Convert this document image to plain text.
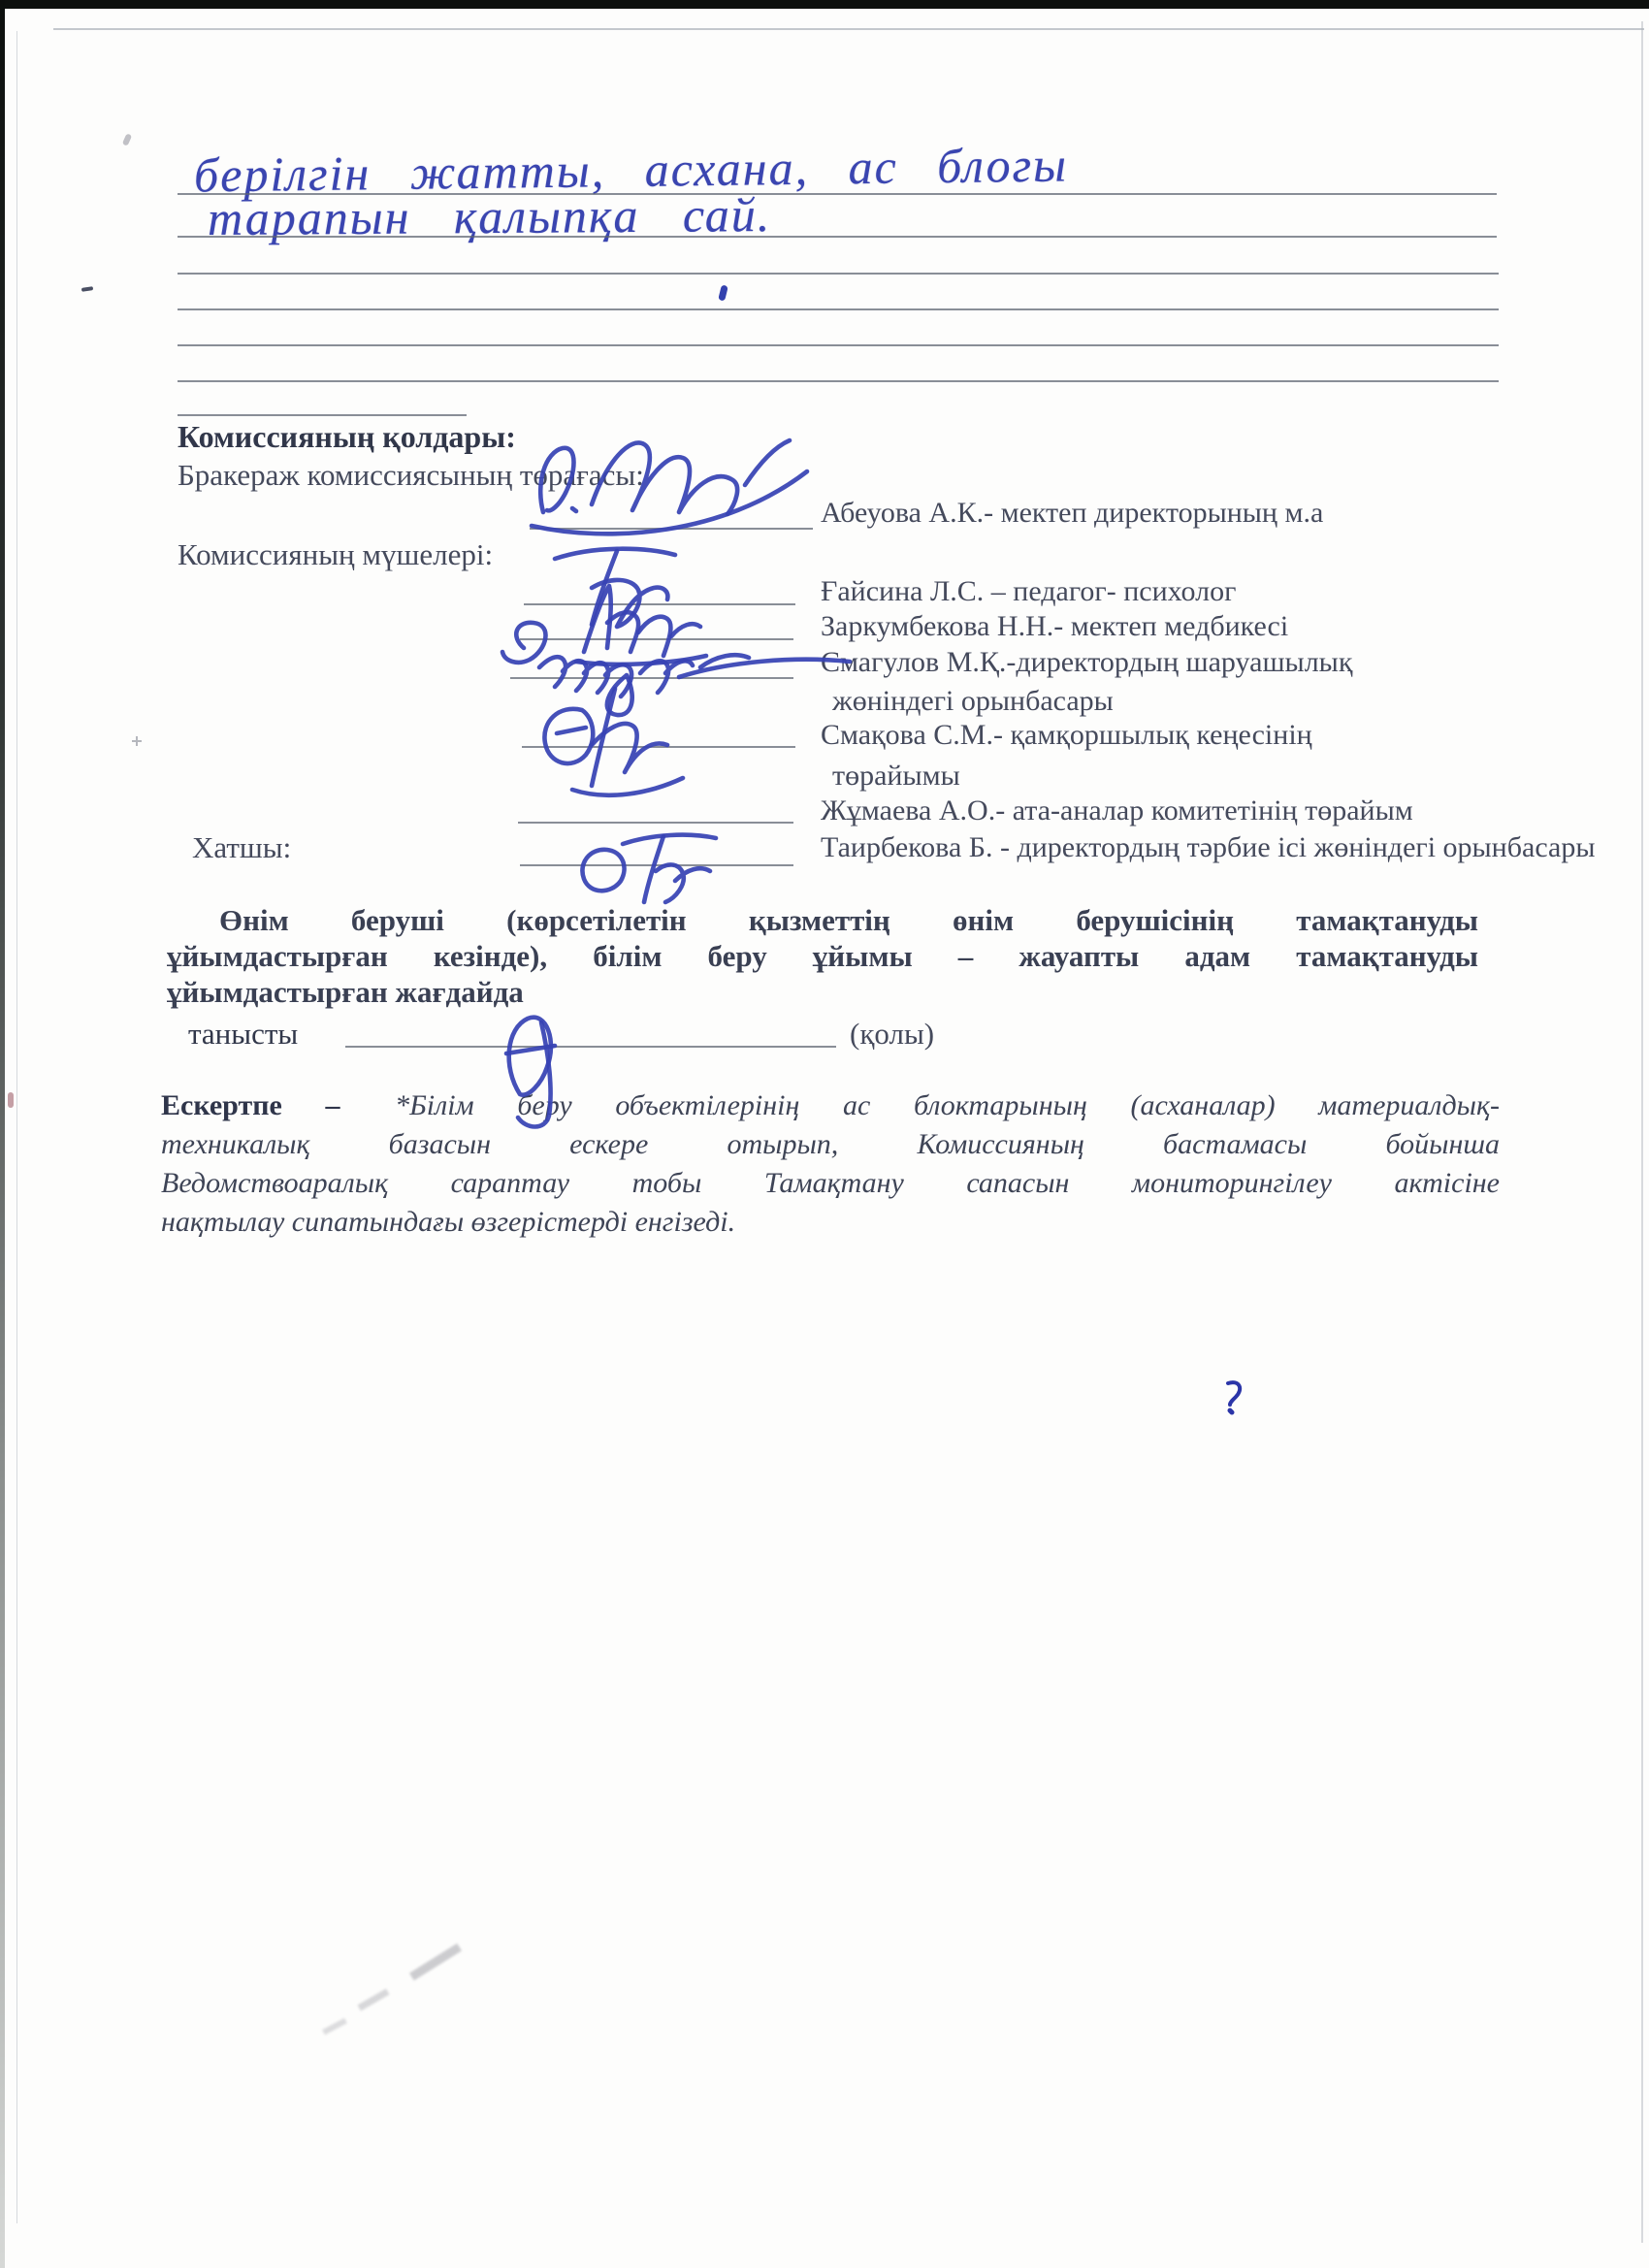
берілгін жатты, асхана, ас блогы
тарапын қалыпқа сай.
Комиссияның қолдары:
Бракераж комиссиясының төрағасы:
Абеуова А.К.- мектеп директорының м.а
Комиссияның мүшелері:
Ғайсина Л.С. – педагог- психолог
Заркумбекова Н.Н.- мектеп медбикесі
Смагулов М.Қ.-директордың шаруашылық
жөніндегі орынбасары
Смақова С.М.- қамқоршылық кеңесінің
төрайымы
Жұмаева А.О.- ата-аналар комитетінің төрайым
Хатшы:	Таирбекова Б. - директордың тәрбие ісі жөніндегі орынбасары
Өнім беруші (көрсетілетін қызметтің өнім берушісінің тамақтануды
ұйымдастырған кезінде), білім беру ұйымы – жауапты адам тамақтануды
ұйымдастырған жағдайда
танысты	(қолы)
Ескертпе – *Білім беру объектілерінің ас блоктарының (асханалар) материалдық-
техникалық базасын ескере отырып, Комиссияның бастамасы бойынша
Ведомствоаралық сараптау тобы Тамақтану сапасын мониторингілеу актісіне
нақтылау сипатындағы өзгерістерді енгізеді.
